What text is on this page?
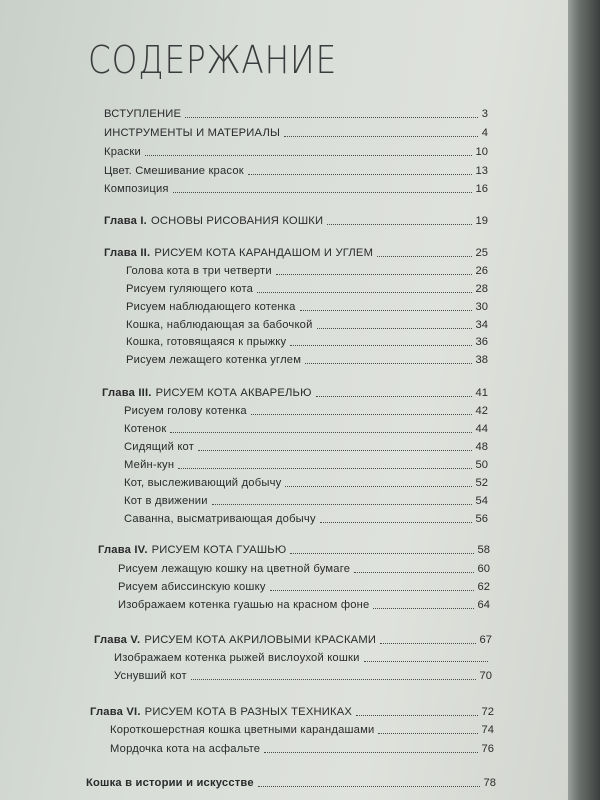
СОДЕРЖАНИЕ
ВСТУПЛЕНИЕ	3
ИНСТРУМЕНТЫ И МАТЕРИАЛЫ	4
Краски	10
Цвет. Смешивание красок	13
Композиция	16
Глава I. ОСНОВЫ РИСОВАНИЯ КОШКИ	19
Глава II. РИСУЕМ КОТА КАРАНДАШОМ И УГЛЕМ	25
Голова кота в три четверти	26
Рисуем гуляющего кота	28
Рисуем наблюдающего котенка	30
Кошка, наблюдающая за бабочкой	34
Кошка, готовящаяся к прыжку	36
Рисуем лежащего котенка углем	38
Глава III. РИСУЕМ КОТА АКВАРЕЛЬЮ	41
Рисуем голову котенка	42
Котенок	44
Сидящий кот	48
Мейн-кун	50
Кот, выслеживающий добычу	52
Кот в движении	54
Саванна, высматривающая добычу	56
Глава IV. РИСУЕМ КОТА ГУАШЬЮ	58
Рисуем лежащую кошку на цветной бумаге	60
Рисуем абиссинскую кошку	62
Изображаем котенка гуашью на красном фоне	64
Глава V. РИСУЕМ КОТА АКРИЛОВЫМИ КРАСКАМИ	67
Изображаем котенка рыжей вислоухой кошки
Уснувший кот	70
Глава VI. РИСУЕМ КОТА В РАЗНЫХ ТЕХНИКАХ	72
Короткошерстная кошка цветными карандашами	74
Мордочка кота на асфальте	76
Кошка в истории и искусстве	78
